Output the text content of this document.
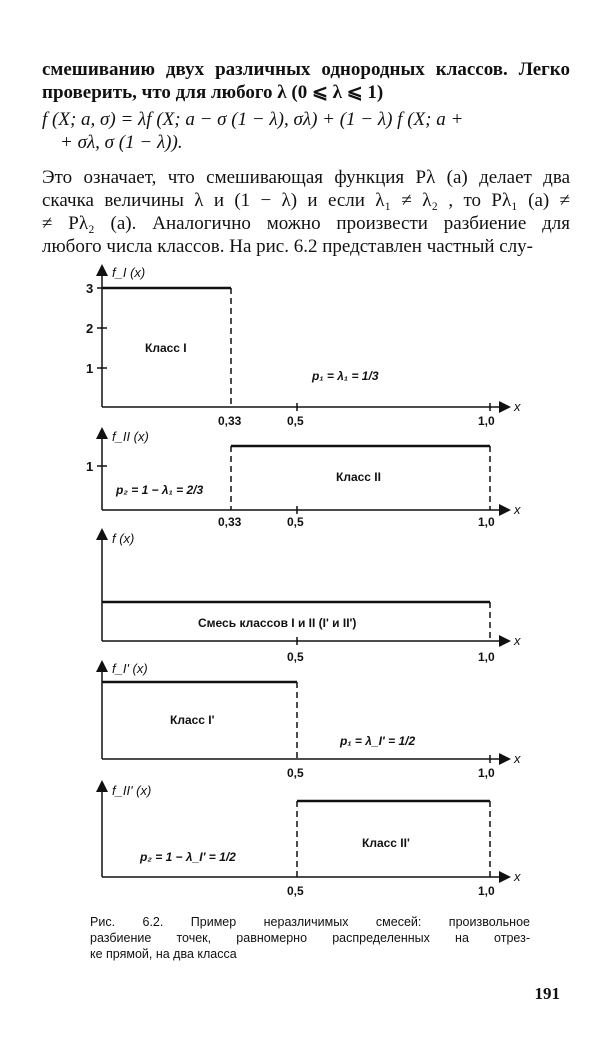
смешиванию двух различных однородных классов. Легко

проверить, что для любого λ (0 ⩽ λ ⩽ 1)

f (X; a, σ) = λf (X; a − σ (1 − λ), σλ) + (1 − λ) f (X; a +

+ σλ, σ (1 − λ)).

Это означает, что смешивающая функция Pλ (a) делает два

скачка величины λ и (1 − λ) и если λ₁ ≠ λ₂ , то Pλ₁ (a) ≠

≠ Pλ₂ (a). Аналогично можно произвести разбиение для

любого числа классов. На рис. 6.2 представлен частный слу-

f_I (x)
x
1
2
3
0,33	0,5	1,0
Класс I
p₁ = λ₁ = 1/3
f_II (x)
x
1
0,33	0,5	1,0
Класс II
p₂ = 1 − λ₁ = 2/3
f (x)
x
0,5	1,0
Смесь классов I и II (I' и II')
f_I' (x)
x
0,5	1,0
Класс I'
p₁ = λ_I' = 1/2
f_II' (x)
x
0,5	1,0
Класс II'
p₂ = 1 − λ_I' = 1/2

Рис. 6.2. Пример неразличимых смесей: произвольное

разбиение точек, равномерно распределенных на отрез-

ке прямой, на два класса

191
